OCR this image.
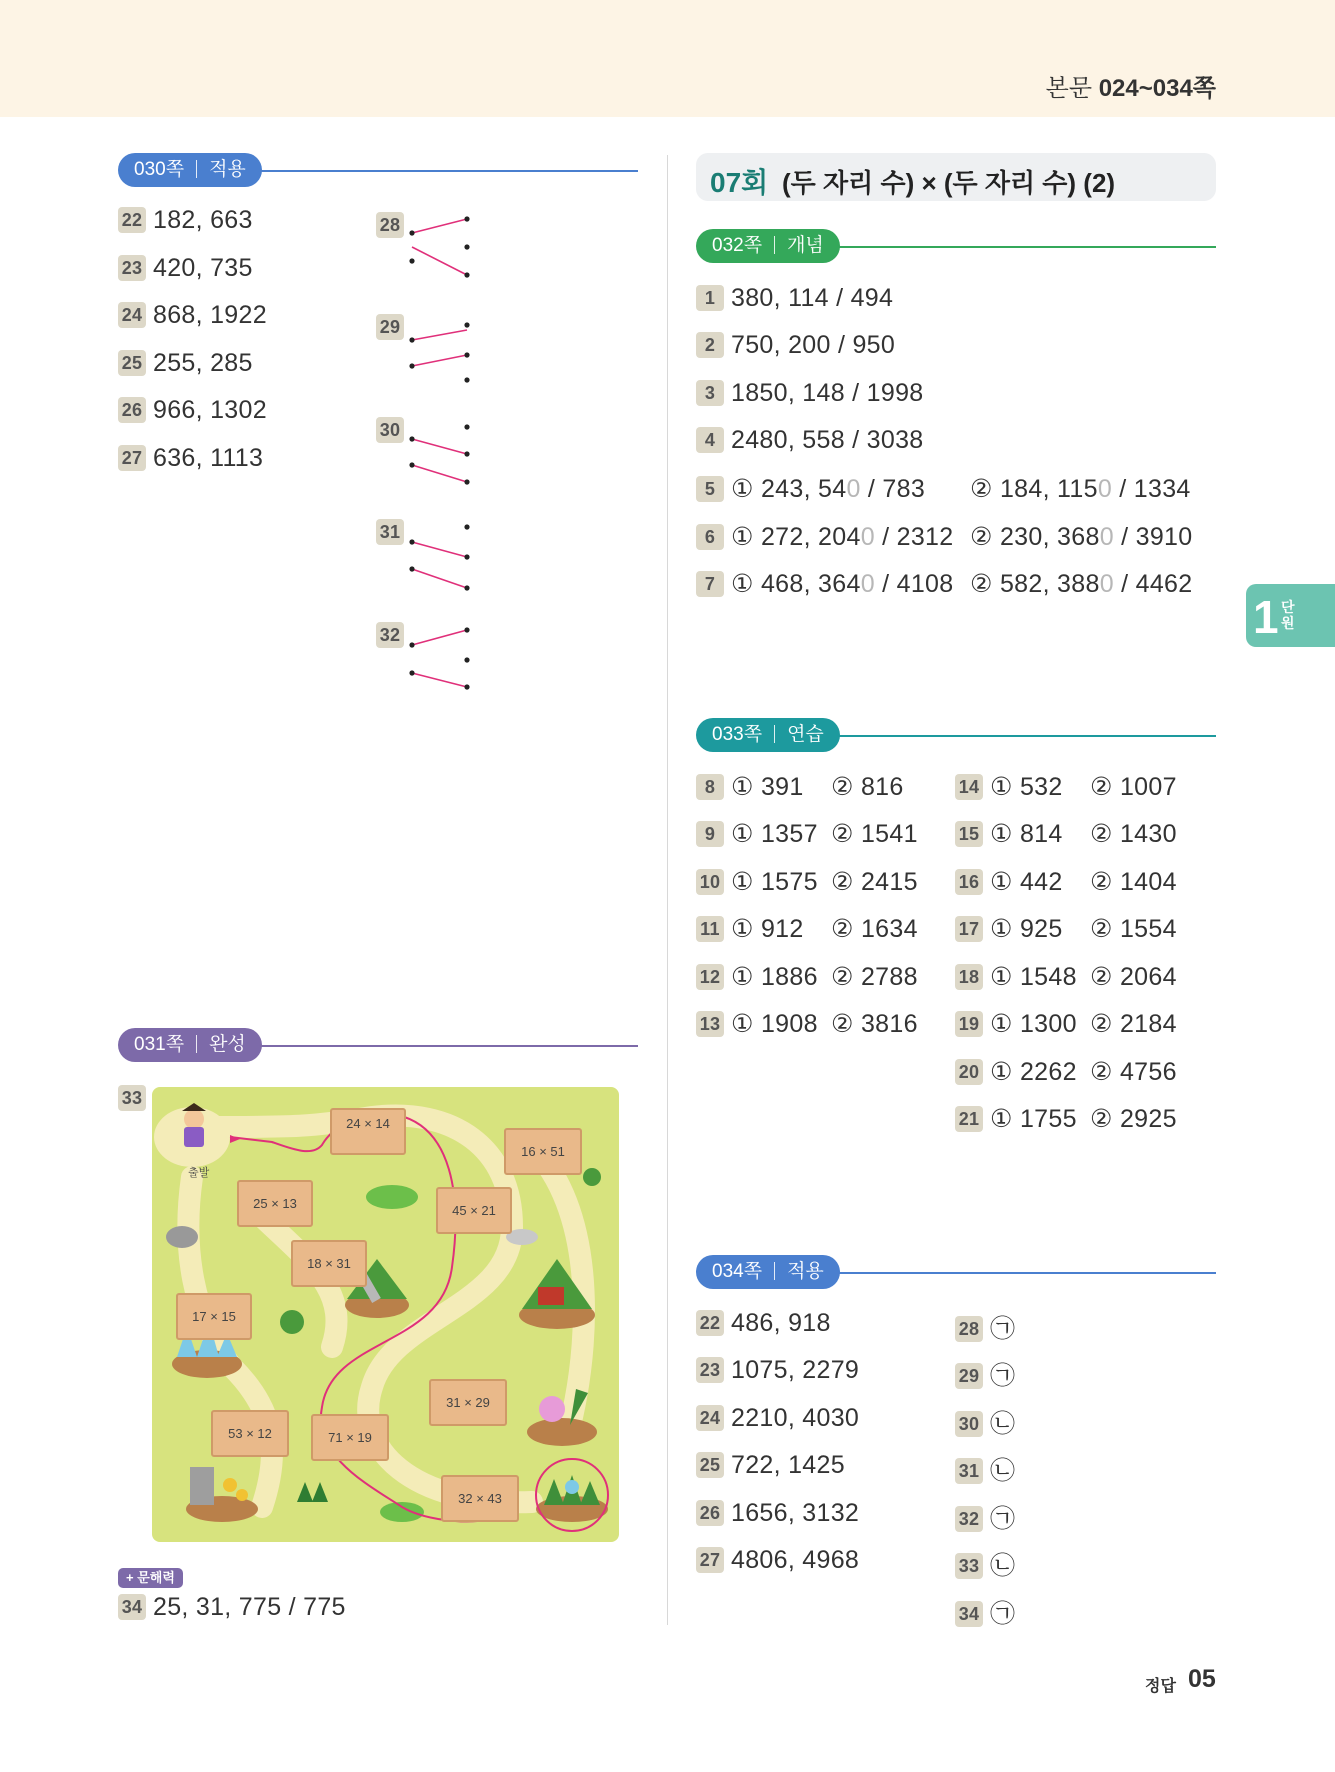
본문 024~034쪽
030쪽 적용
22 182, 663
23 420, 735
24 868, 1922
25 255, 285
26 966, 1302
27 636, 1113
28
29
30
31
32
031쪽 완성
33
출발
24 × 14
16 × 51
25 × 13	45 × 21
18 × 31
17 × 15
31 × 29
53 × 12	71 × 19
32 × 43
+ 문해력
34 25, 31, 775 / 775
07회 (두 자리 수) × (두 자리 수) (2)
032쪽 개념
1 380, 114 / 494
2 750, 200 / 950
3 1850, 148 / 1998
4 2480, 558 / 3038
5 ① 243, 540 / 783 ② 184, 1150 / 1334
6 ① 272, 2040 / 2312 ② 230, 3680 / 3910
7 ① 468, 3640 / 4108 ② 582, 3880 / 4462
033쪽 연습
8 ① 391 ② 816
9 ① 1357 ② 1541
10 ① 1575 ② 2415
11 ① 912 ② 1634
12 ① 1886 ② 2788
13 ① 1908 ② 3816
14 ① 532 ② 1007
15 ① 814 ② 1430
16 ① 442 ② 1404
17 ① 925 ② 1554
18 ① 1548 ② 2064
19 ① 1300 ② 2184
20 ① 2262 ② 4756
21 ① 1755 ② 2925
034쪽 적용
22 486, 918
23 1075, 2279
24 2210, 4030
25 722, 1425
26 1656, 3132
27 4806, 4968
28 ㉠
29 ㉠
30 ㉡
31 ㉡
32 ㉠
33 ㉡
34 ㉠
1 단
원
정답 05
